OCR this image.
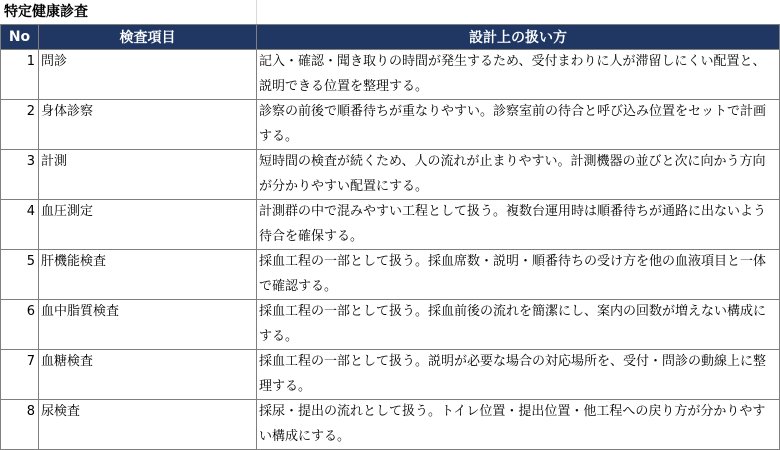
特定健康診査
No	検査項目	設計上の扱い方
1	問診	記入・確認・聞き取りの時間が発生するため、受付まわりに人が滞留しにくい配置と、説明できる位置を整理する。
2	身体診察	診察の前後で順番待ちが重なりやすい。診察室前の待合と呼び込み位置をセットで計画する。
3	計測	短時間の検査が続くため、人の流れが止まりやすい。計測機器の並びと次に向かう方向が分かりやすい配置にする。
4	血圧測定	計測群の中で混みやすい工程として扱う。複数台運用時は順番待ちが通路に出ないよう待合を確保する。
5	肝機能検査	採血工程の一部として扱う。採血席数・説明・順番待ちの受け方を他の血液項目と一体で確認する。
6	血中脂質検査	採血工程の一部として扱う。採血前後の流れを簡潔にし、案内の回数が増えない構成にする。
7	血糖検査	採血工程の一部として扱う。説明が必要な場合の対応場所を、受付・問診の動線上に整理する。
8	尿検査	採尿・提出の流れとして扱う。トイレ位置・提出位置・他工程への戻り方が分かりやすい構成にする。
